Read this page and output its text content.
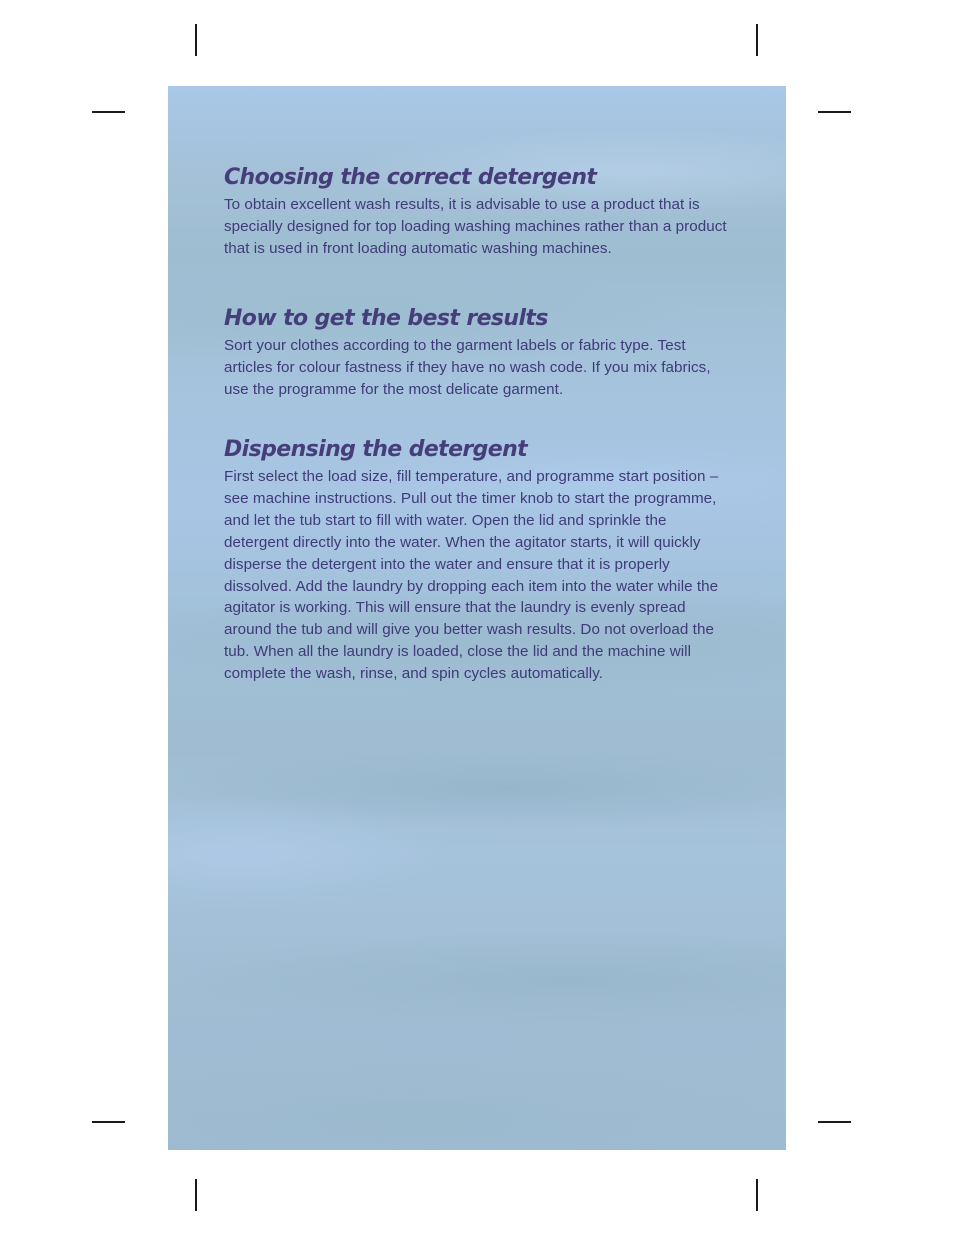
Choosing the correct detergent

To obtain excellent wash results, it is advisable to use a product that is specially designed for top loading washing machines rather than a product that is used in front loading automatic washing machines.

How to get the best results

Sort your clothes according to the garment labels or fabric type. Test articles for colour fastness if they have no wash code. If you mix fabrics, use the programme for the most delicate garment.

Dispensing the detergent

First select the load size, fill temperature, and programme start position – see machine instructions. Pull out the timer knob to start the programme, and let the tub start to fill with water. Open the lid and sprinkle the detergent directly into the water. When the agitator starts, it will quickly disperse the detergent into the water and ensure that it is properly dissolved. Add the laundry by dropping each item into the water while the agitator is working. This will ensure that the laundry is evenly spread around the tub and will give you better wash results. Do not overload the tub. When all the laundry is loaded, close the lid and the machine will complete the wash, rinse, and spin cycles automatically.
